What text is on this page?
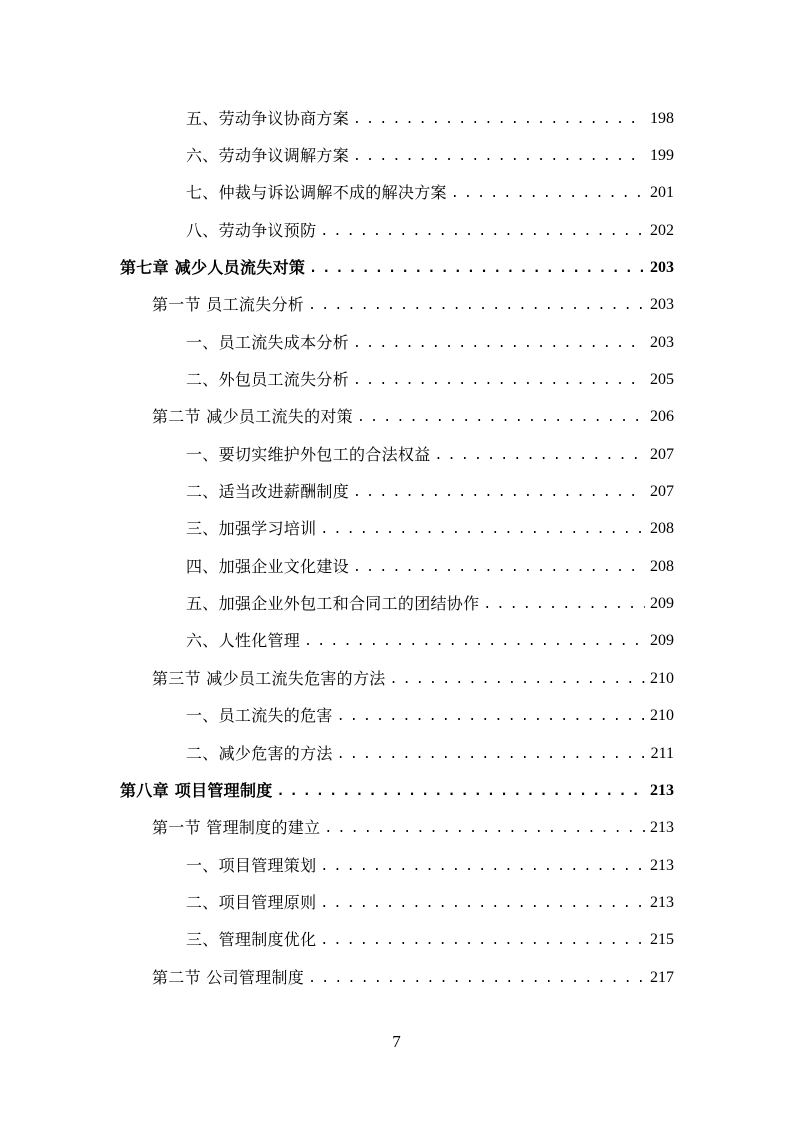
五、劳动争议协商方案 . . .	198
六、劳动争议调解方案 . . .	199
七、仲裁与诉讼调解不成的解决方案 . . .	201
八、劳动争议预防 . . .	202
第七章 减少人员流失对策 . . .	203
第一节 员工流失分析 . . .	203
一、员工流失成本分析 . . .	203
二、外包员工流失分析 . . .	205
第二节 减少员工流失的对策 . . .	206
一、要切实维护外包工的合法权益 . . .	207
二、适当改进薪酬制度 . . .	207
三、加强学习培训 . . .	208
四、加强企业文化建设 . . .	208
五、加强企业外包工和合同工的团结协作 . . .	209
六、人性化管理 . . .	209
第三节 减少员工流失危害的方法 . . .	210
一、员工流失的危害 . . .	210
二、减少危害的方法 . . .	211
第八章 项目管理制度 . . .	213
第一节 管理制度的建立 . . .	213
一、项目管理策划 . . .	213
二、项目管理原则 . . .	213
三、管理制度优化 . . .	215
第二节 公司管理制度 . . .	217
7
